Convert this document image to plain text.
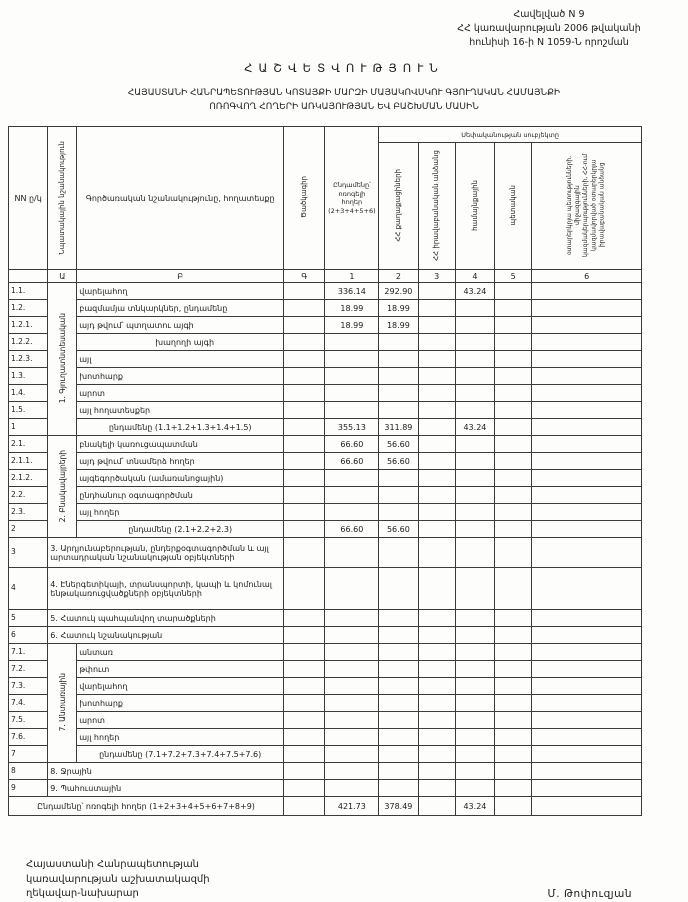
Հավելված N 9
ՀՀ կառավարության 2006 թվականի
հունիսի 16-ի N 1059-Ն որոշման
ՀԱՇՎԵՏՎՈՒԹՅՈՒՆ
ՀԱՅԱՍՏԱՆԻ ՀԱՆՐԱՊԵՏՈՒԹՅԱՆ ԿՈՏԱՅՔԻ ՄԱՐԶԻ ՄԱՅԱԿՈՎՍԿՈՒ ԳՅՈՒՂԱԿԱՆ ՀԱՄԱՅՆՔԻ
ՈՌՈԳՎՈՂ ՀՈՂԵՐԻ ԱՌԿԱՅՈՒԹՅԱՆ ԵՎ ԲԱՇԽՄԱՆ ՄԱՍԻՆ
NN ը/կ	Նպատակային նշանակություն	Գործառական նշանակությունը, հողատեսքը	Ծածկագիր	Ընդամենը՝ ոռոգելի հողեր (2+3+4+5+6)	Սեփականության սուբյեկտը				
					ՀՀ քաղաքացիների	ՀՀ իրավաբանական անձանց	համայնքային	պետական	օտարերկրյա պետությունների, միջազգային կազմակերպությունների, ՀՀ-ում կազմավորված օտարերկրյա իրավաբանական անձանց
	Ա	Բ	Գ	1	2	3	4	5	6
1.1.	1. Գյուղատնտեսական	վարելահող		336.14	292.90		43.24		
1.2.		բազմամյա տնկարկներ, ընդամենը		18.99	18.99				
1.2.1.		այդ թվում՝ պտղատու այգի		18.99	18.99				
1.2.2.		խաղողի այգի							
1.2.3.		այլ							
1.3.		խոտհարք							
1.4.		արոտ							
1.5.		այլ հողատեսքեր							
1		ընդամենը (1.1+1.2+1.3+1.4+1.5)		355.13	311.89		43.24		
2.1.	2. Բնակավայրերի	բնակելի կառուցապատման		66.60	56.60				
2.1.1.		այդ թվում՝ տնամերձ հողեր		66.60	56.60				
2.1.2.		այգեգործական (ամառանոցային)							
2.2.		ընդհանուր օգտագործման							
2.3.		այլ հողեր							
2		ընդամենը (2.1+2.2+2.3)		66.60	56.60				
3	3. Արդյունաբերության, ընդերքօգտագործման և այլ արտադրական նշանակության օբյեկտների								
4	4. Էներգետիկայի, տրանսպորտի, կապի և կոմունալ ենթակառուցվածքների օբյեկտների								
5	5. Հատուկ պահպանվող տարածքների								
6	6. Հատուկ նշանակության								
7.1.	7. Անտառային	անտառ							
7.2.		թփուտ							
7.3.		վարելահող							
7.4.		խոտհարք							
7.5.		արոտ							
7.6.		այլ հողեր							
7		ընդամենը (7.1+7.2+7.3+7.4+7.5+7.6)							
8	8. Ջրային								
9	9. Պահուստային								
Ընդամենը՝ ոռոգելի հողեր (1+2+3+4+5+6+7+8+9)				421.73	378.49		43.24		
Հայաստանի Հանրապետության
կառավարության աշխատակազմի
ղեկավար-նախարար	Մ. Թոփուզյան
